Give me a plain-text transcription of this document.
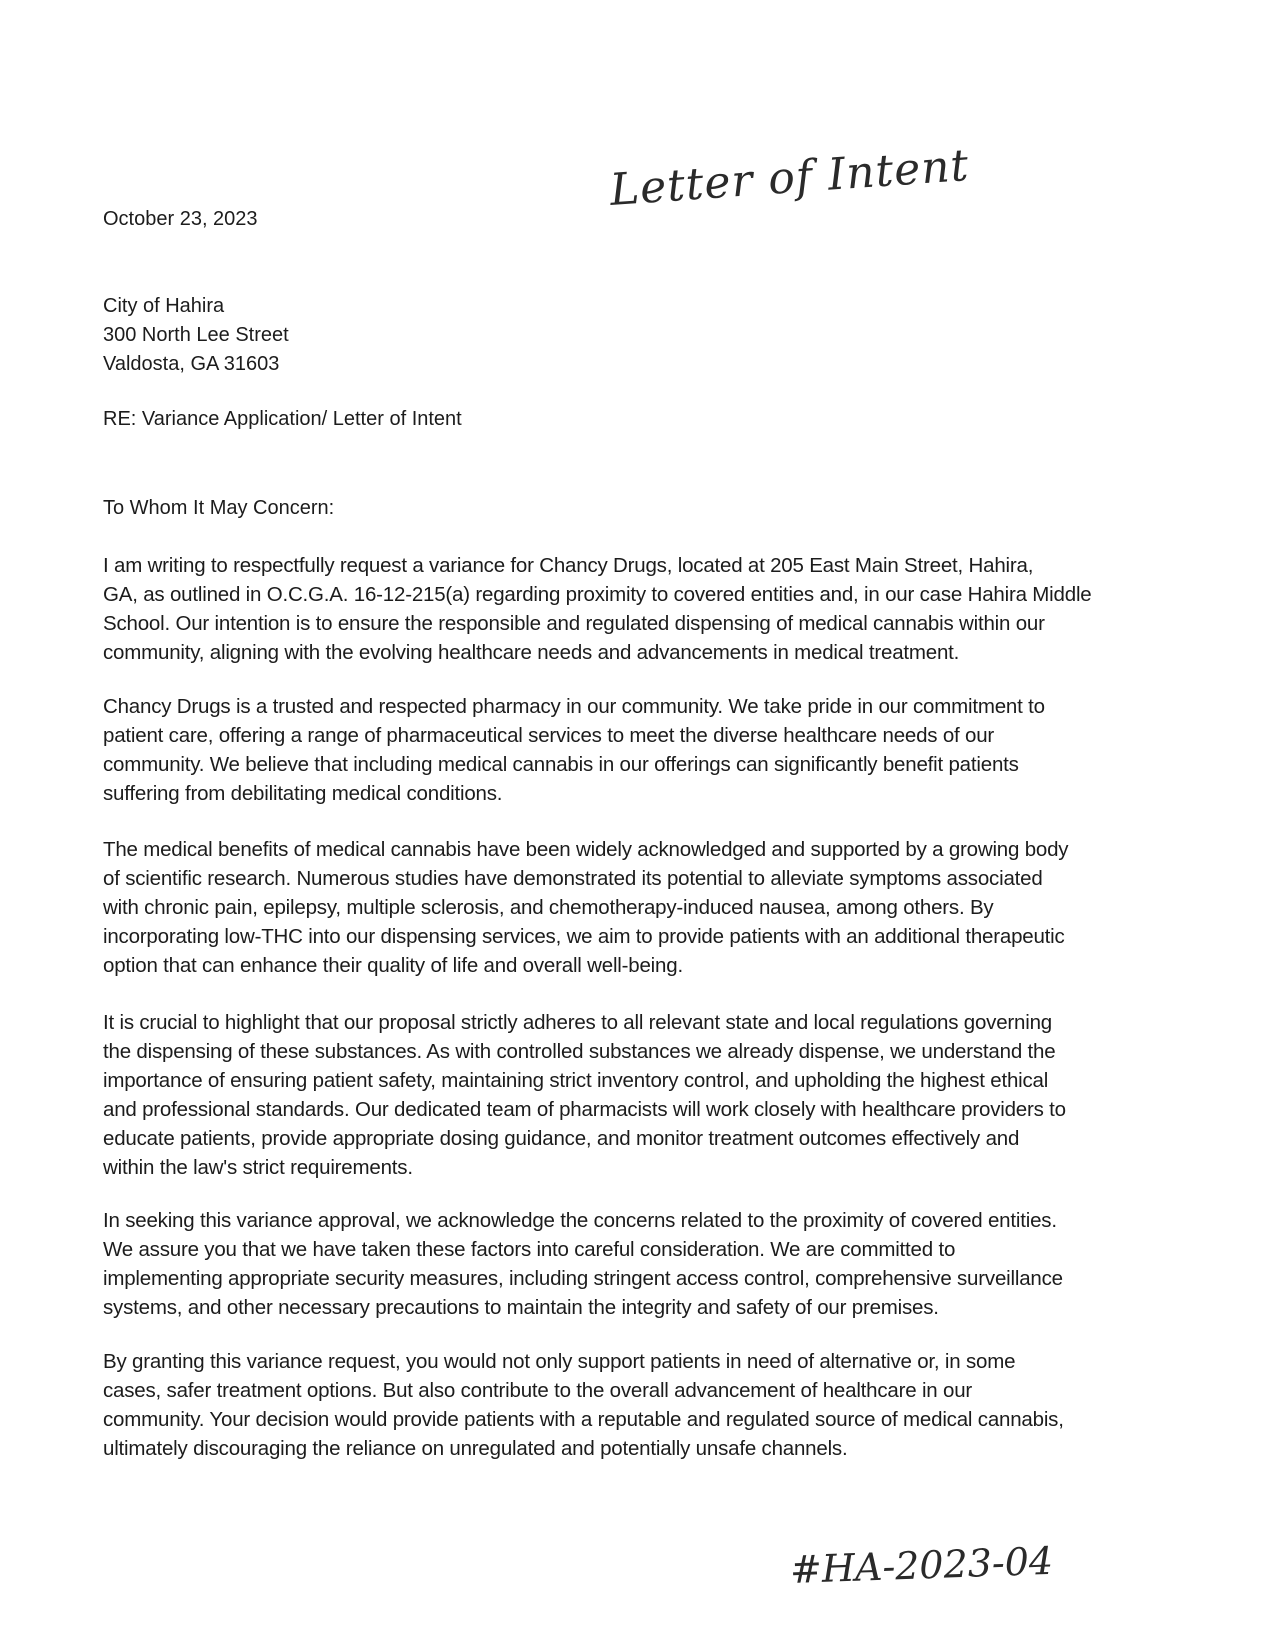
Letter of Intent
October 23, 2023
City of Hahira
300 North Lee Street
Valdosta, GA 31603
RE: Variance Application/ Letter of Intent
To Whom It May Concern:

I am writing to respectfully request a variance for Chancy Drugs, located at 205 East Main Street, Hahira,
GA, as outlined in O.C.G.A. 16-12-215(a) regarding proximity to covered entities and, in our case Hahira Middle
School. Our intention is to ensure the responsible and regulated dispensing of medical cannabis within our
community, aligning with the evolving healthcare needs and advancements in medical treatment.

Chancy Drugs is a trusted and respected pharmacy in our community. We take pride in our commitment to
patient care, offering a range of pharmaceutical services to meet the diverse healthcare needs of our
community. We believe that including medical cannabis in our offerings can significantly benefit patients
suffering from debilitating medical conditions.

The medical benefits of medical cannabis have been widely acknowledged and supported by a growing body
of scientific research. Numerous studies have demonstrated its potential to alleviate symptoms associated
with chronic pain, epilepsy, multiple sclerosis, and chemotherapy-induced nausea, among others. By
incorporating low-THC into our dispensing services, we aim to provide patients with an additional therapeutic
option that can enhance their quality of life and overall well-being.

It is crucial to highlight that our proposal strictly adheres to all relevant state and local regulations governing
the dispensing of these substances. As with controlled substances we already dispense, we understand the
importance of ensuring patient safety, maintaining strict inventory control, and upholding the highest ethical
and professional standards. Our dedicated team of pharmacists will work closely with healthcare providers to
educate patients, provide appropriate dosing guidance, and monitor treatment outcomes effectively and
within the law's strict requirements.

In seeking this variance approval, we acknowledge the concerns related to the proximity of covered entities.
We assure you that we have taken these factors into careful consideration. We are committed to
implementing appropriate security measures, including stringent access control, comprehensive surveillance
systems, and other necessary precautions to maintain the integrity and safety of our premises.

By granting this variance request, you would not only support patients in need of alternative or, in some
cases, safer treatment options. But also contribute to the overall advancement of healthcare in our
community. Your decision would provide patients with a reputable and regulated source of medical cannabis,
ultimately discouraging the reliance on unregulated and potentially unsafe channels.

#HA-2023-04
